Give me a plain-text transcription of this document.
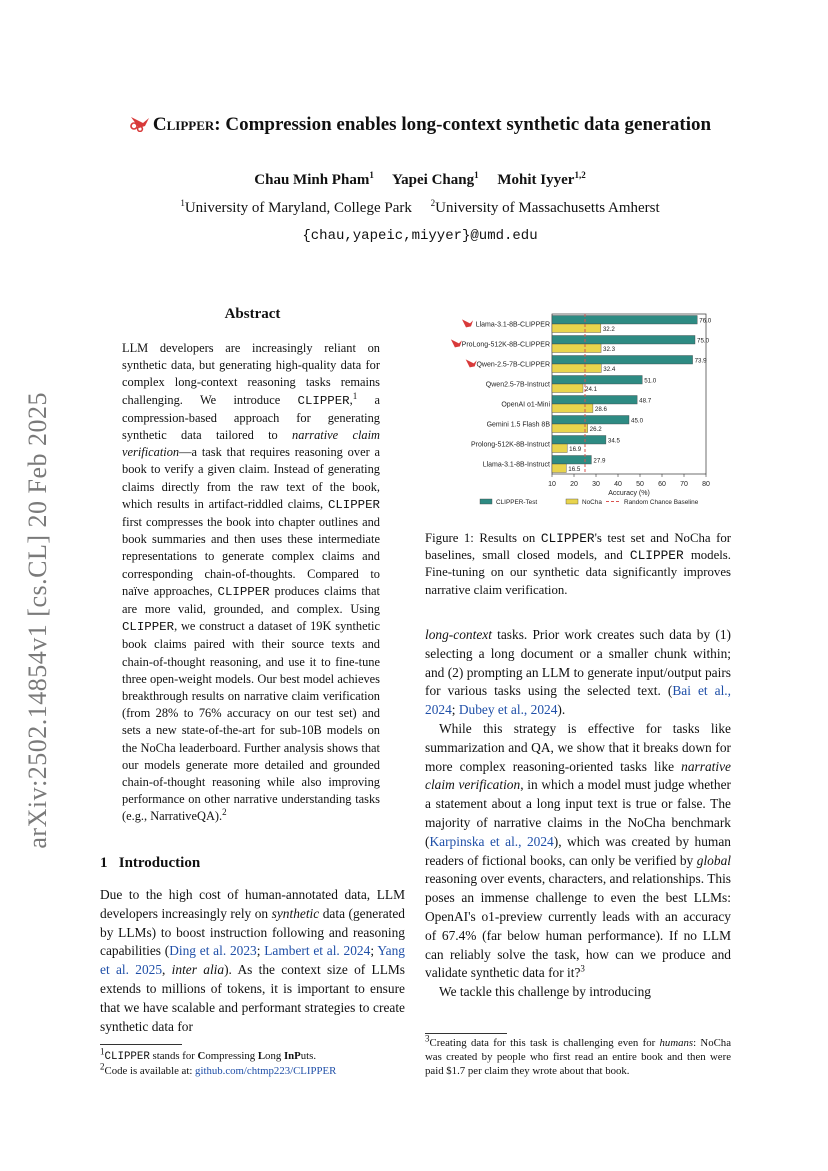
arXiv:2502.14854v1 [cs.CL] 20 Feb 2025
Clipper: Compression enables long-context synthetic data generation
Chau Minh Pham$^1$ Yapei Chang$^1$ Mohit Iyyer$^{1,2}$
$^1$University of Maryland, College Park $^2$University of Massachusetts Amherst
{chau,yapeic,miyyer}@umd.edu
Abstract
LLM developers are increasingly reliant on synthetic data, but generating high-quality data for complex long-context reasoning tasks remains challenging. We introduce CLIPPER,$^1$ a compression-based approach for generating synthetic data tailored to narrative claim verification—a task that requires reasoning over a book to verify a given claim. Instead of generating claims directly from the raw text of the book, which results in artifact-riddled claims, CLIPPER first compresses the book into chapter outlines and book summaries and then uses these intermediate representations to generate complex claims and corresponding chain-of-thoughts. Compared to naïve approaches, CLIPPER produces claims that are more valid, grounded, and complex. Using CLIPPER, we construct a dataset of 19K synthetic book claims paired with their source texts and chain-of-thought reasoning, and use it to fine-tune three open-weight models. Our best model achieves breakthrough results on narrative claim verification (from 28% to 76% accuracy on our test set) and sets a new state-of-the-art for sub-10B models on the NoCha leaderboard. Further analysis shows that our models generate more detailed and grounded chain-of-thought reasoning while also improving performance on other narrative understanding tasks (e.g., NarrativeQA).$^2$
1 Introduction
Due to the high cost of human-annotated data, LLM developers increasingly rely on synthetic data (generated by LLMs) to boost instruction following and reasoning capabilities (Ding et al. 2023; Lambert et al. 2024; Yang et al. 2025, inter alia). As the context size of LLMs extends to millions of tokens, it is important to ensure that we have scalable and performant strategies to create synthetic data for
$^1$CLIPPER stands for Compressing Long InPuts.
$^2$Code is available at: github.com/chtmp223/CLIPPER
10 20 30 40 50 60 70 80
Accuracy (%)
76.0
32.2
Llama-3.1-8B-CLIPPER
75.0
32.3
ProLong-512K-8B-CLIPPER
73.9
32.4
Qwen-2.5-7B-CLIPPER
51.0
24.1
Qwen2.5-7B-Instruct
48.7
28.6
OpenAI o1-Mini
45.0
26.2
Gemini 1.5 Flash 8B
34.5
16.9
Prolong-512K-8B-Instruct
27.9
16.5
Llama-3.1-8B-Instruct
CLIPPER-Test	NoCha	Random Chance Baseline
Figure 1: Results on CLIPPER's test set and NoCha for baselines, small closed models, and CLIPPER models. Fine-tuning on our synthetic data significantly improves narrative claim verification.

long-context tasks. Prior work creates such data by (1) selecting a long document or a smaller chunk within; and (2) prompting an LLM to generate input/output pairs for various tasks using the selected text. (Bai et al., 2024; Dubey et al., 2024).

While this strategy is effective for tasks like summarization and QA, we show that it breaks down for more complex reasoning-oriented tasks like narrative claim verification, in which a model must judge whether a statement about a long input text is true or false. The majority of narrative claims in the NoCha benchmark (Karpinska et al., 2024), which was created by human readers of fictional books, can only be verified by global reasoning over events, characters, and relationships. This poses an immense challenge to even the best LLMs: OpenAI's o1-preview currently leads with an accuracy of 67.4% (far below human performance). If no LLM can reliably solve the task, how can we produce and validate synthetic data for it?$^3$

We tackle this challenge by introducing

$^3$Creating data for this task is challenging even for humans: NoCha was created by people who first read an entire book and then were paid $1.7 per claim they wrote about that book.
